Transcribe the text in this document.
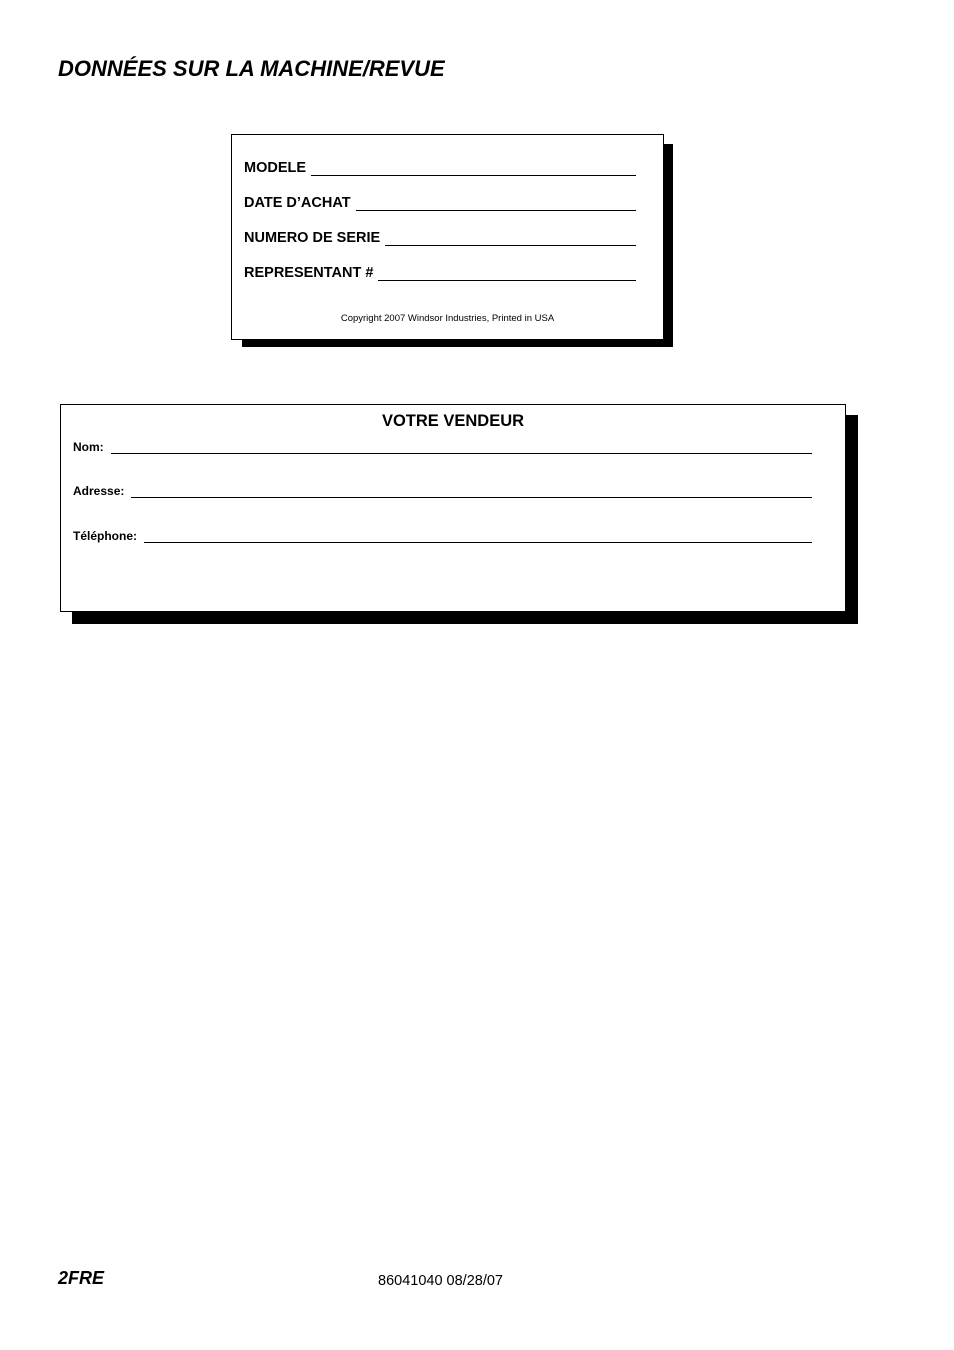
DONNÉES SUR LA MACHINE/REVUE
MODELE
DATE D’ACHAT
NUMERO DE SERIE
REPRESENTANT #
Copyright 2007 Windsor Industries, Printed in USA
VOTRE VENDEUR
Nom:
Adresse:
Téléphone:
2FRE	86041040 08/28/07
